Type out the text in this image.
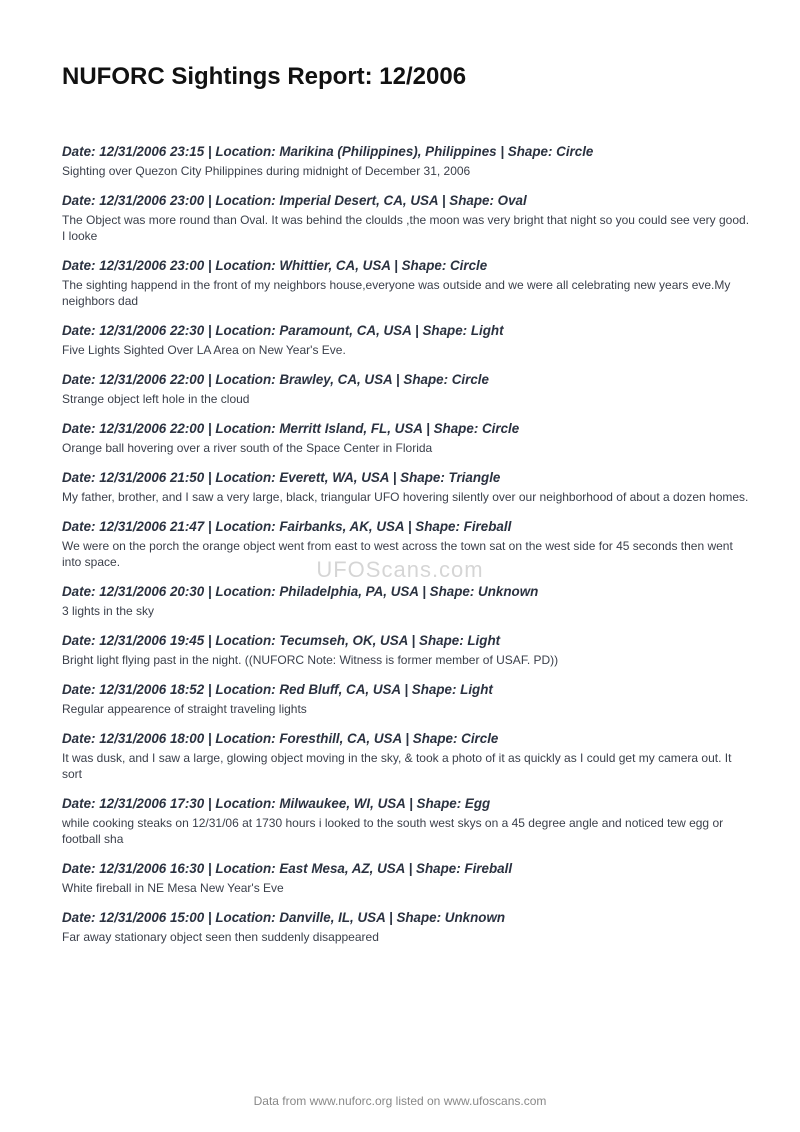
NUFORC Sightings Report: 12/2006

Date: 12/31/2006 23:15 | Location: Marikina (Philippines), Philippines | Shape: Circle

Sighting over Quezon City Philippines during midnight of December 31, 2006

Date: 12/31/2006 23:00 | Location: Imperial Desert, CA, USA | Shape: Oval

The Object was more round than Oval. It was behind the cloulds ,the moon was very bright that night so you could see very good. I looke

Date: 12/31/2006 23:00 | Location: Whittier, CA, USA | Shape: Circle

The sighting happend in the front of my neighbors house,everyone was outside and we were all celebrating new years eve.My neighbors dad

Date: 12/31/2006 22:30 | Location: Paramount, CA, USA | Shape: Light

Five Lights Sighted Over LA Area on New Year's Eve.

Date: 12/31/2006 22:00 | Location: Brawley, CA, USA | Shape: Circle

Strange object left hole in the cloud

Date: 12/31/2006 22:00 | Location: Merritt Island, FL, USA | Shape: Circle

Orange ball hovering over a river south of the Space Center in Florida

Date: 12/31/2006 21:50 | Location: Everett, WA, USA | Shape: Triangle

My father, brother, and I saw a very large, black, triangular UFO hovering silently over our neighborhood of about a dozen homes.

Date: 12/31/2006 21:47 | Location: Fairbanks, AK, USA | Shape: Fireball

We were on the porch the orange object went from east to west across the town sat on the west side for 45 seconds then went into space.

Date: 12/31/2006 20:30 | Location: Philadelphia, PA, USA | Shape: Unknown

3 lights in the sky

Date: 12/31/2006 19:45 | Location: Tecumseh, OK, USA | Shape: Light

Bright light flying past in the night. ((NUFORC Note: Witness is former member of USAF. PD))

Date: 12/31/2006 18:52 | Location: Red Bluff, CA, USA | Shape: Light

Regular appearence of straight traveling lights

Date: 12/31/2006 18:00 | Location: Foresthill, CA, USA | Shape: Circle

It was dusk, and I saw a large, glowing object moving in the sky, & took a photo of it as quickly as I could get my camera out. It sort

Date: 12/31/2006 17:30 | Location: Milwaukee, WI, USA | Shape: Egg

while cooking steaks on 12/31/06 at 1730 hours i looked to the south west skys on a 45 degree angle and noticed tew egg or football sha

Date: 12/31/2006 16:30 | Location: East Mesa, AZ, USA | Shape: Fireball

White fireball in NE Mesa New Year's Eve

Date: 12/31/2006 15:00 | Location: Danville, IL, USA | Shape: Unknown

Far away stationary object seen then suddenly disappeared

UFOScans.com
Data from www.nuforc.org listed on www.ufoscans.com
